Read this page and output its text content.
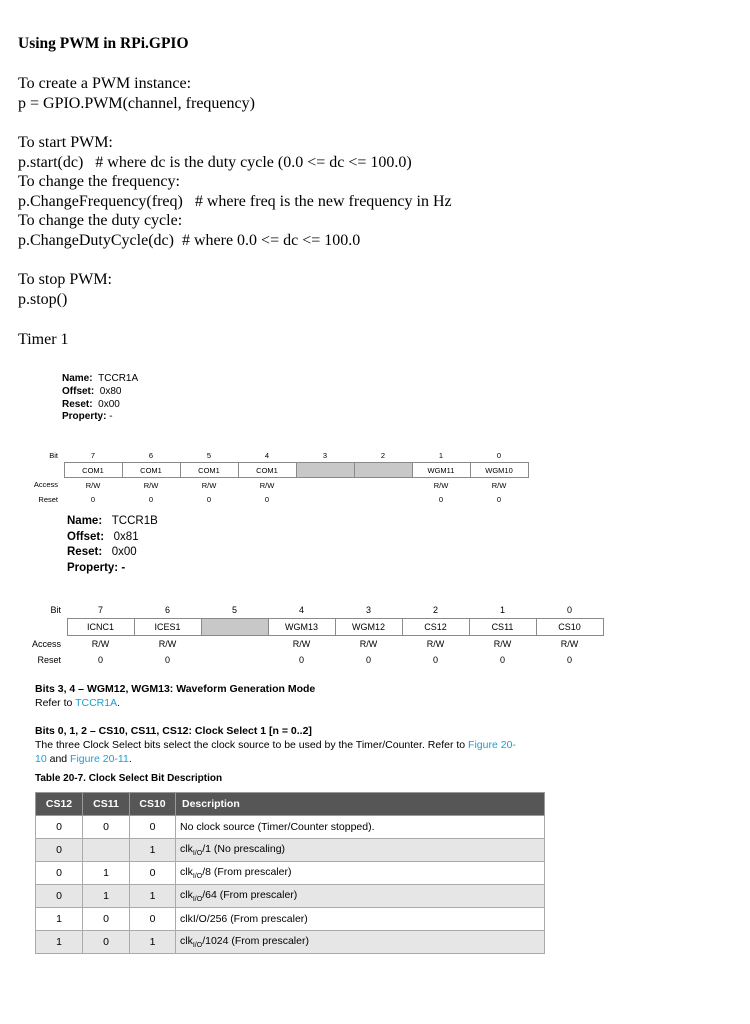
Using PWM in RPi.GPIO
To create a PWM instance:
p = GPIO.PWM(channel, frequency)
To start PWM:
p.start(dc)   # where dc is the duty cycle (0.0 <= dc <= 100.0)
To change the frequency:
p.ChangeFrequency(freq)   # where freq is the new frequency in Hz
To change the duty cycle:
p.ChangeDutyCycle(dc)  # where 0.0 <= dc <= 100.0
To stop PWM:
p.stop()
Timer 1
Name: TCCR1A
Offset: 0x80
Reset: 0x00
Property: -
Bit	7	6	5	4	3	2	1	0
	COM1	COM1	COM1	COM1			WGM11	WGM10
Access	R/W	R/W	R/W	R/W			R/W	R/W
Reset	0	0	0	0			0	0
Name: TCCR1B
Offset: 0x81
Reset: 0x00
Property: -
Bit	7	6	5	4	3	2	1	0
	ICNC1	ICES1		WGM13	WGM12	CS12	CS11	CS10
Access	R/W	R/W		R/W	R/W	R/W	R/W	R/W
Reset	0	0		0	0	0	0	0
Bits 3, 4 – WGM12, WGM13: Waveform Generation Mode
Refer to TCCR1A.
Bits 0, 1, 2 – CS10, CS11, CS12: Clock Select 1 [n = 0..2]
The three Clock Select bits select the clock source to be used by the Timer/Counter. Refer to Figure 20-10 and Figure 20-11.
Table 20-7. Clock Select Bit Description
CS12	CS11	CS10	Description
0	0	0	No clock source (Timer/Counter stopped).
0		1	clk$_{I/O}$/1 (No prescaling)
0	1	0	clk$_{I/O}$/8 (From prescaler)
0	1	1	clk$_{I/O}$/64 (From prescaler)
1	0	0	clkI/O/256 (From prescaler)
1	0	1	clk$_{I/O}$/1024 (From prescaler)
